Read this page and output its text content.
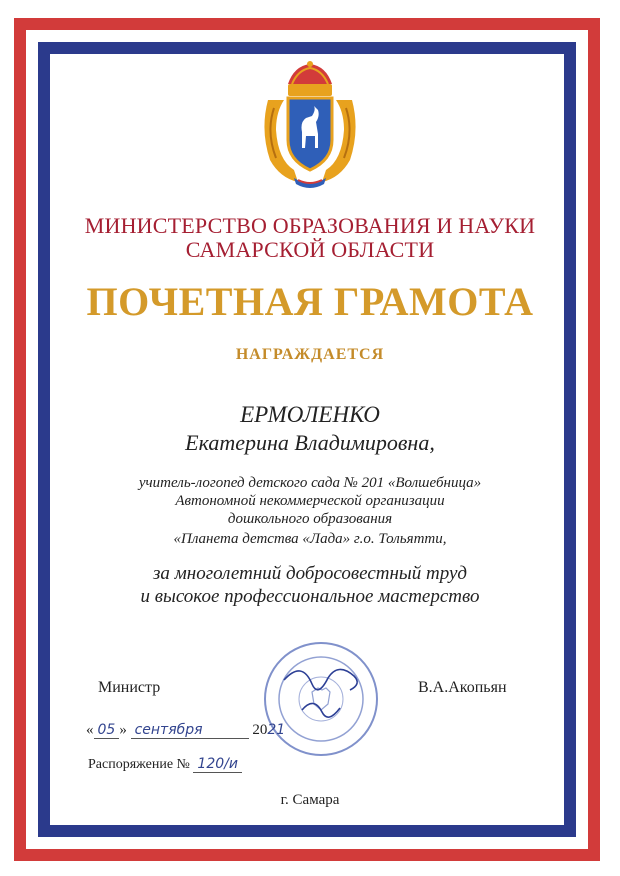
МИНИСТЕРСТВО ОБРАЗОВАНИЯ И НАУКИ
САМАРСКОЙ ОБЛАСТИ
ПОЧЕТНАЯ ГРАМОТА
НАГРАЖДАЕТСЯ
ЕРМОЛЕНКО
Екатерина Владимировна,
учитель-логопед детского сада № 201 «Волшебница»
Автономной некоммерческой организации
дошкольного образования
«Планета детства «Лада» г.о. Тольятти,
за многолетний добросовестный труд
и высокое профессиональное мастерство
Министр	В.А.Акопьян
« 05 » сентября	2021
Распоряжение № 120/и
г. Самара
